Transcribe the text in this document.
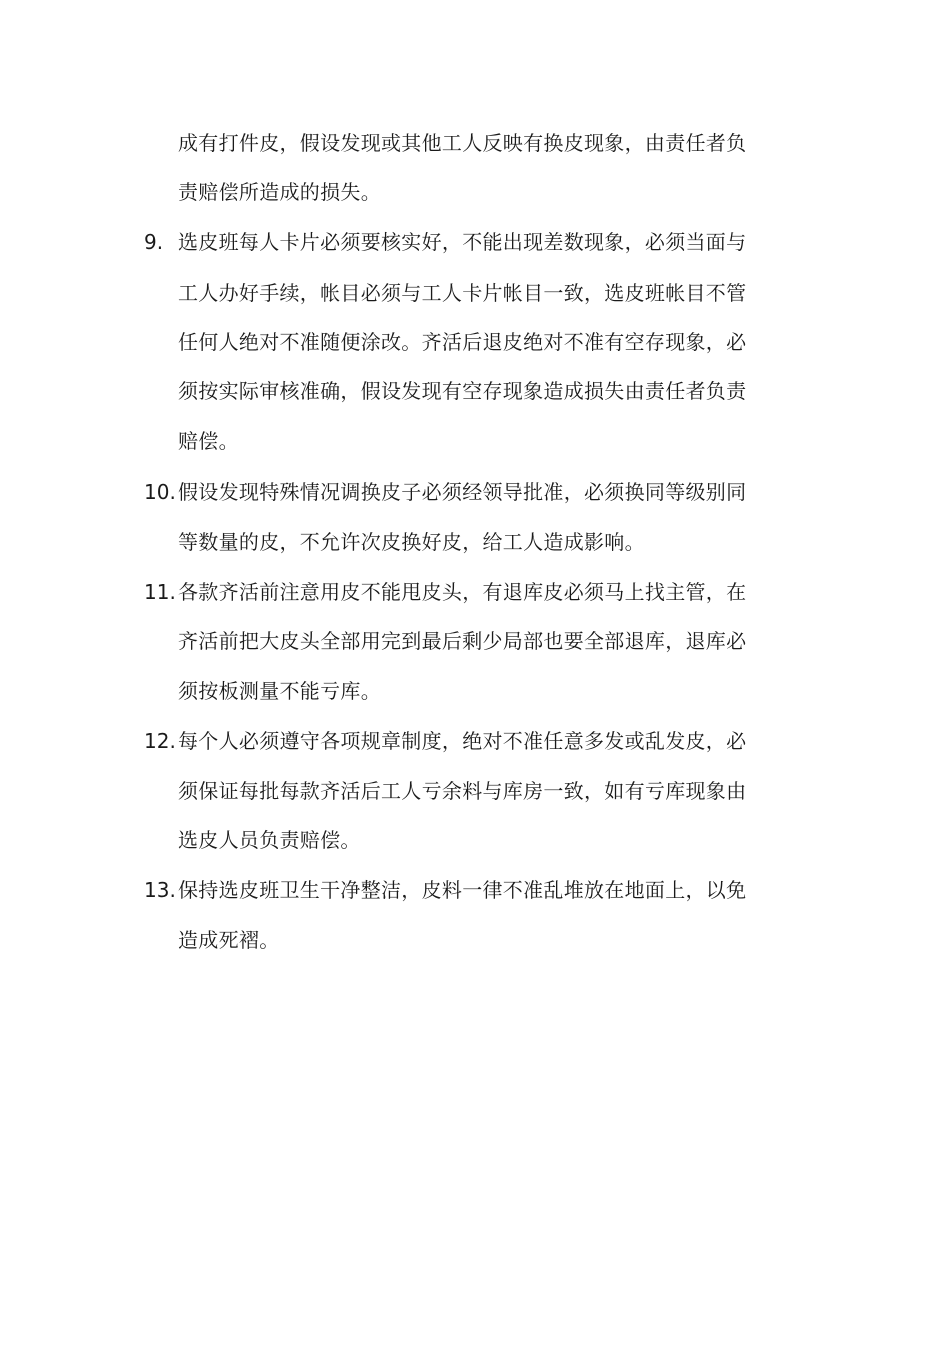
成有打件皮，假设发现或其他工人反映有换皮现象，由责任者负
责赔偿所造成的损失。
9. 选皮班每人卡片必须要核实好，不能出现差数现象，必须当面与
工人办好手续，帐目必须与工人卡片帐目一致，选皮班帐目不管
任何人绝对不准随便涂改。齐活后退皮绝对不准有空存现象，必
须按实际审核准确，假设发现有空存现象造成损失由责任者负责
赔偿。
10. 假设发现特殊情况调换皮子必须经领导批准，必须换同等级别同
等数量的皮，不允许次皮换好皮，给工人造成影响。
11. 各款齐活前注意用皮不能甩皮头，有退库皮必须马上找主管，在
齐活前把大皮头全部用完到最后剩少局部也要全部退库，退库必
须按板测量不能亏库。
12. 每个人必须遵守各项规章制度，绝对不准任意多发或乱发皮，必
须保证每批每款齐活后工人亏余料与库房一致，如有亏库现象由
选皮人员负责赔偿。
13. 保持选皮班卫生干净整洁，皮料一律不准乱堆放在地面上，以免
造成死褶。
